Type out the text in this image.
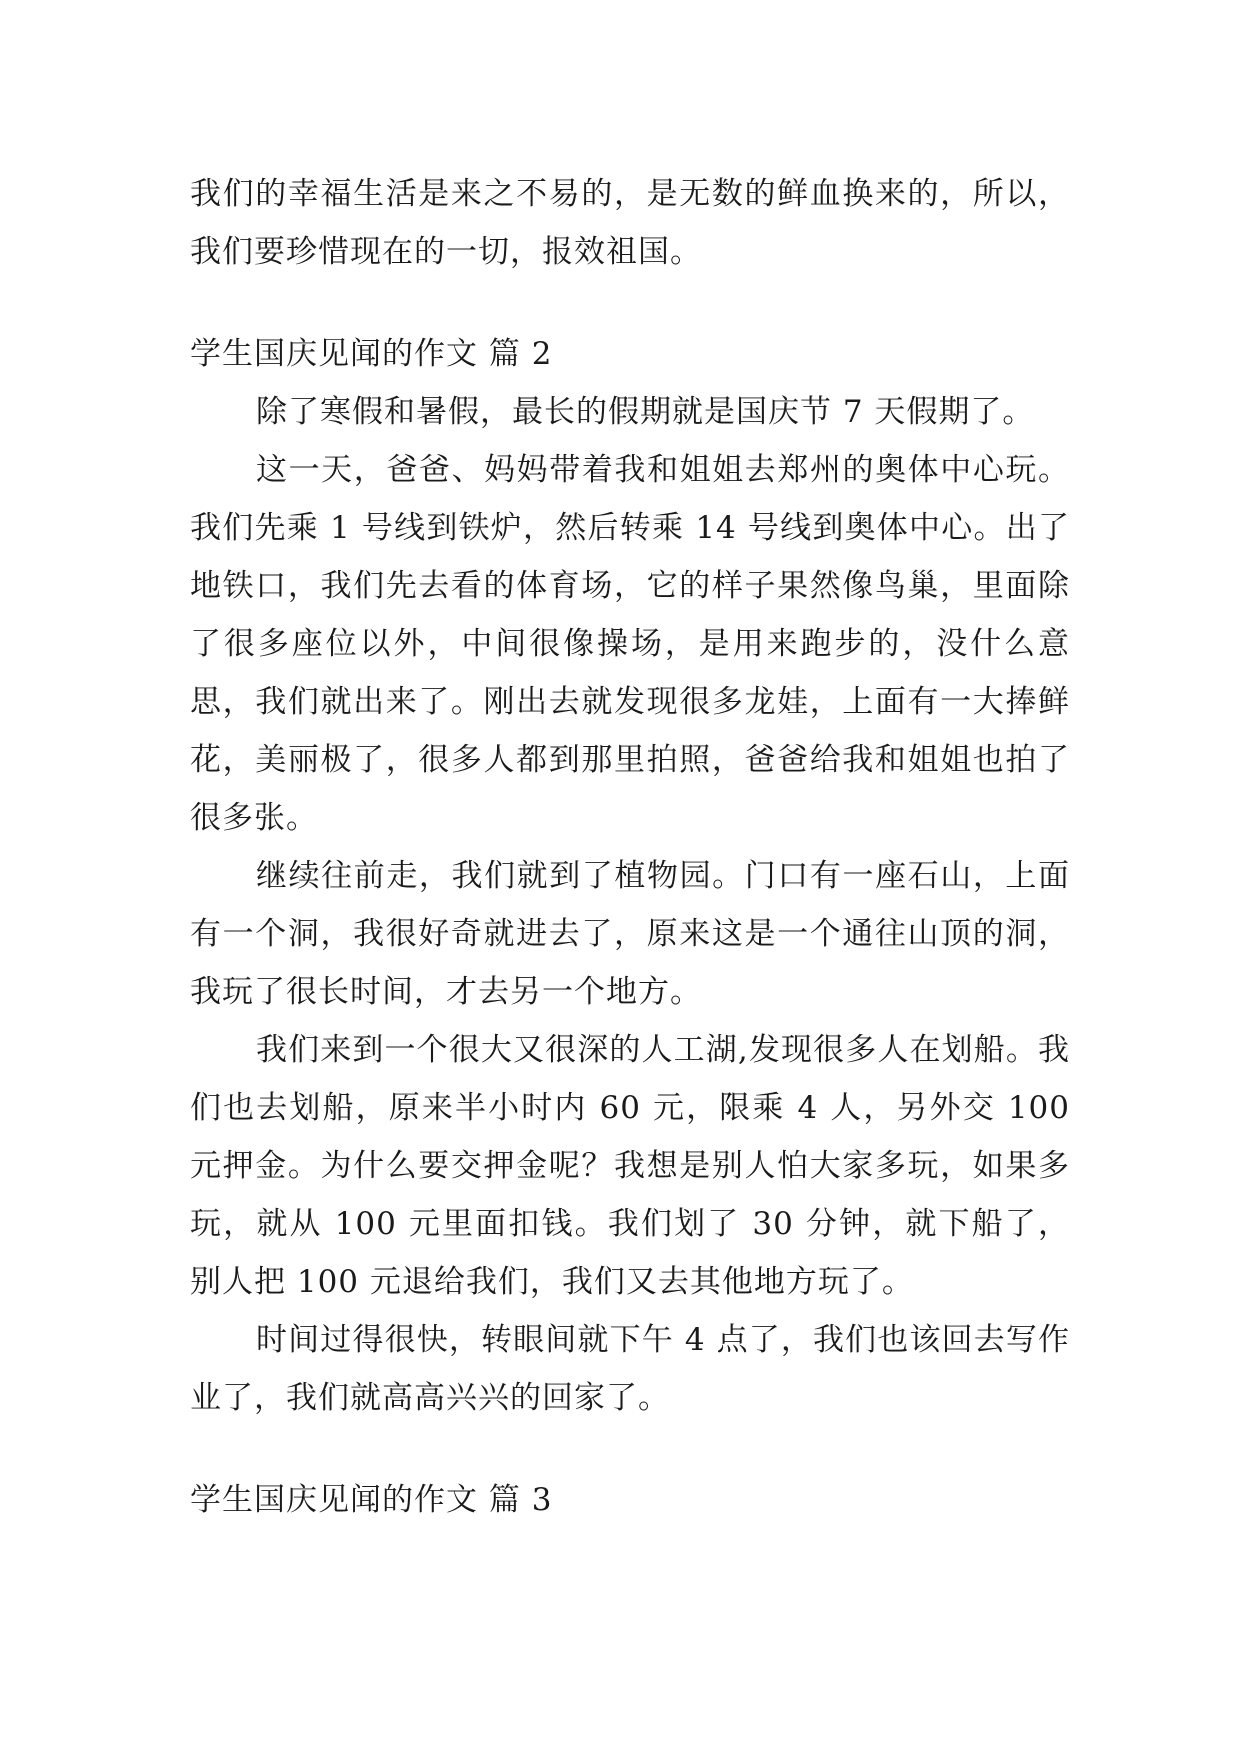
我们的幸福生活是来之不易的，是无数的鲜血换来的，所以，我们要珍惜现在的一切，报效祖国。

学生国庆见闻的作文 篇 2

除了寒假和暑假，最长的假期就是国庆节 7 天假期了。

这一天，爸爸、妈妈带着我和姐姐去郑州的奥体中心玩。我们先乘 1 号线到铁炉，然后转乘 14 号线到奥体中心。出了地铁口，我们先去看的体育场，它的样子果然像鸟巢，里面除了很多座位以外，中间很像操场，是用来跑步的，没什么意思，我们就出来了。刚出去就发现很多龙娃，上面有一大捧鲜花，美丽极了，很多人都到那里拍照，爸爸给我和姐姐也拍了很多张。

继续往前走，我们就到了植物园。门口有一座石山，上面有一个洞，我很好奇就进去了，原来这是一个通往山顶的洞，我玩了很长时间，才去另一个地方。

我们来到一个很大又很深的人工湖,发现很多人在划船。我们也去划船，原来半小时内 60 元，限乘 4 人，另外交 100 元押金。为什么要交押金呢？我想是别人怕大家多玩，如果多玩，就从 100 元里面扣钱。我们划了 30 分钟，就下船了，别人把 100 元退给我们，我们又去其他地方玩了。

时间过得很快，转眼间就下午 4 点了，我们也该回去写作业了，我们就高高兴兴的回家了。

学生国庆见闻的作文 篇 3
